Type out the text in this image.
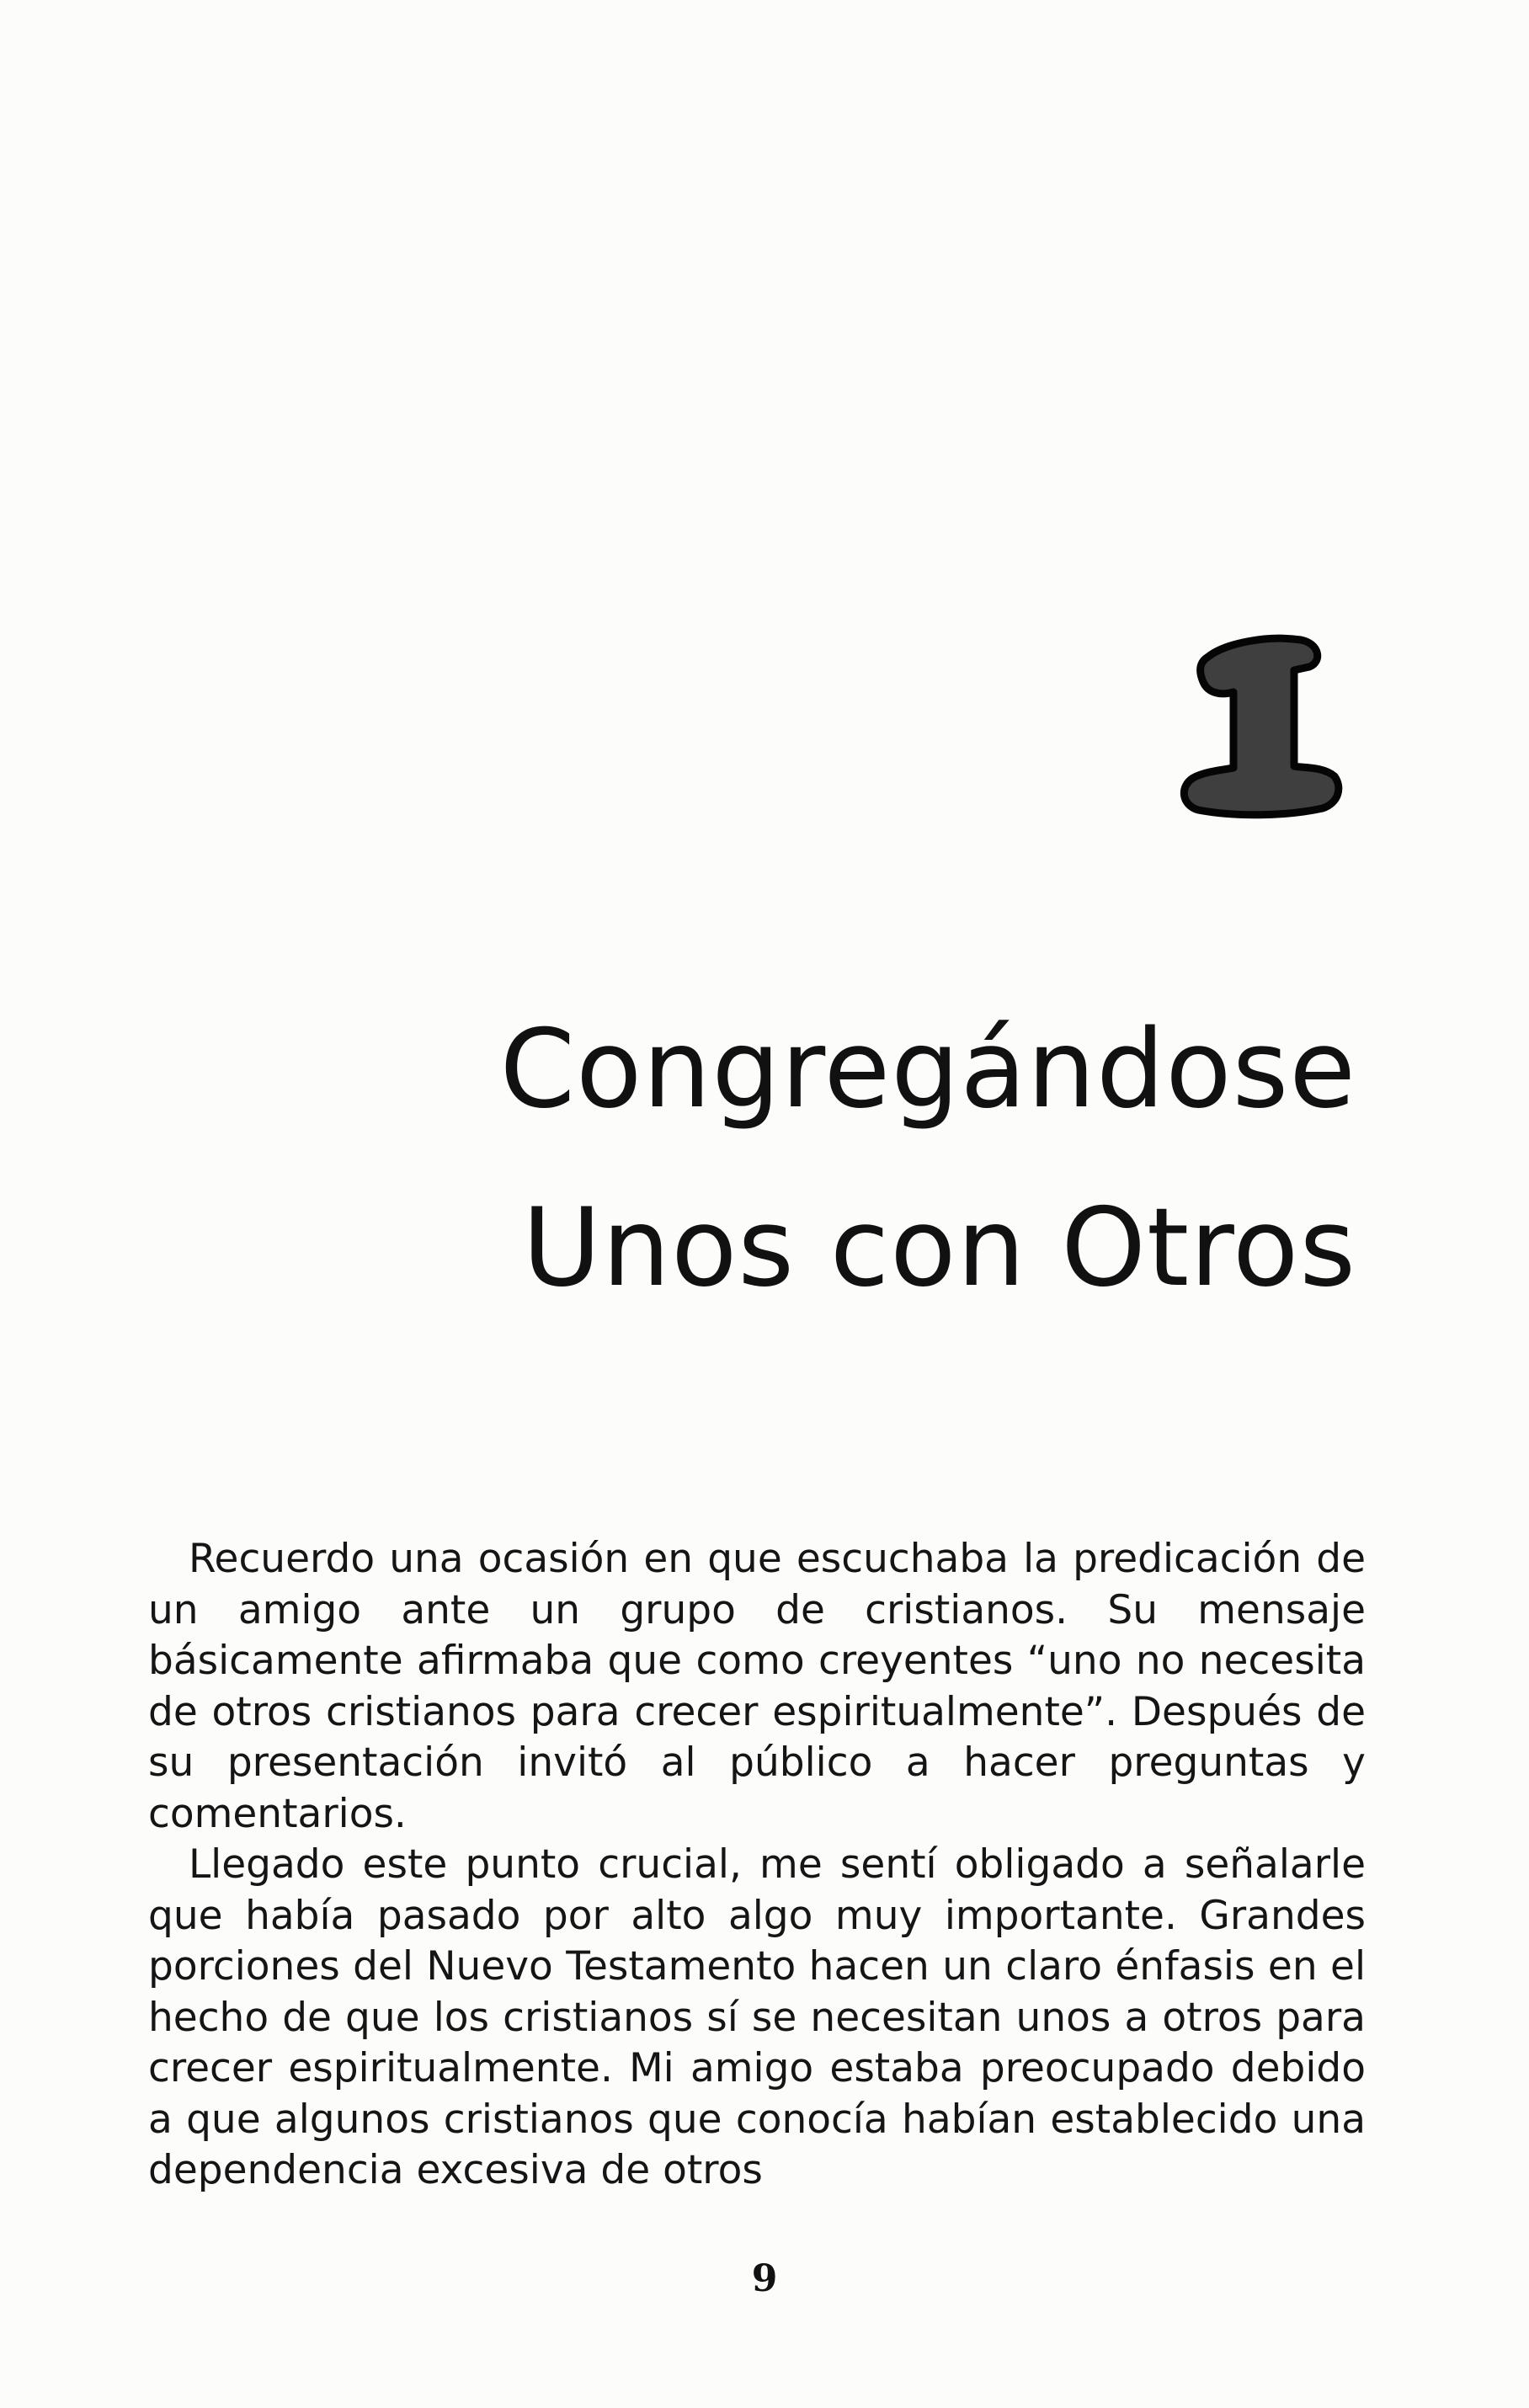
Congregándose
Unos con Otros

Recuerdo una ocasión en que escuchaba la predicación de un amigo ante un grupo de cristianos. Su mensaje básicamente afirmaba que como creyentes “uno no necesita de otros cristianos para crecer espiritualmente”. Después de su presentación invitó al público a hacer preguntas y comentarios.

Llegado este punto crucial, me sentí obligado a señalarle que había pasado por alto algo muy importante. Grandes porciones del Nuevo Testamento hacen un claro énfasis en el hecho de que los cristianos sí se necesitan unos a otros para crecer espiritualmente. Mi amigo estaba preocupado debido a que algunos cristianos que conocía habían establecido una dependencia excesiva de otros

9
